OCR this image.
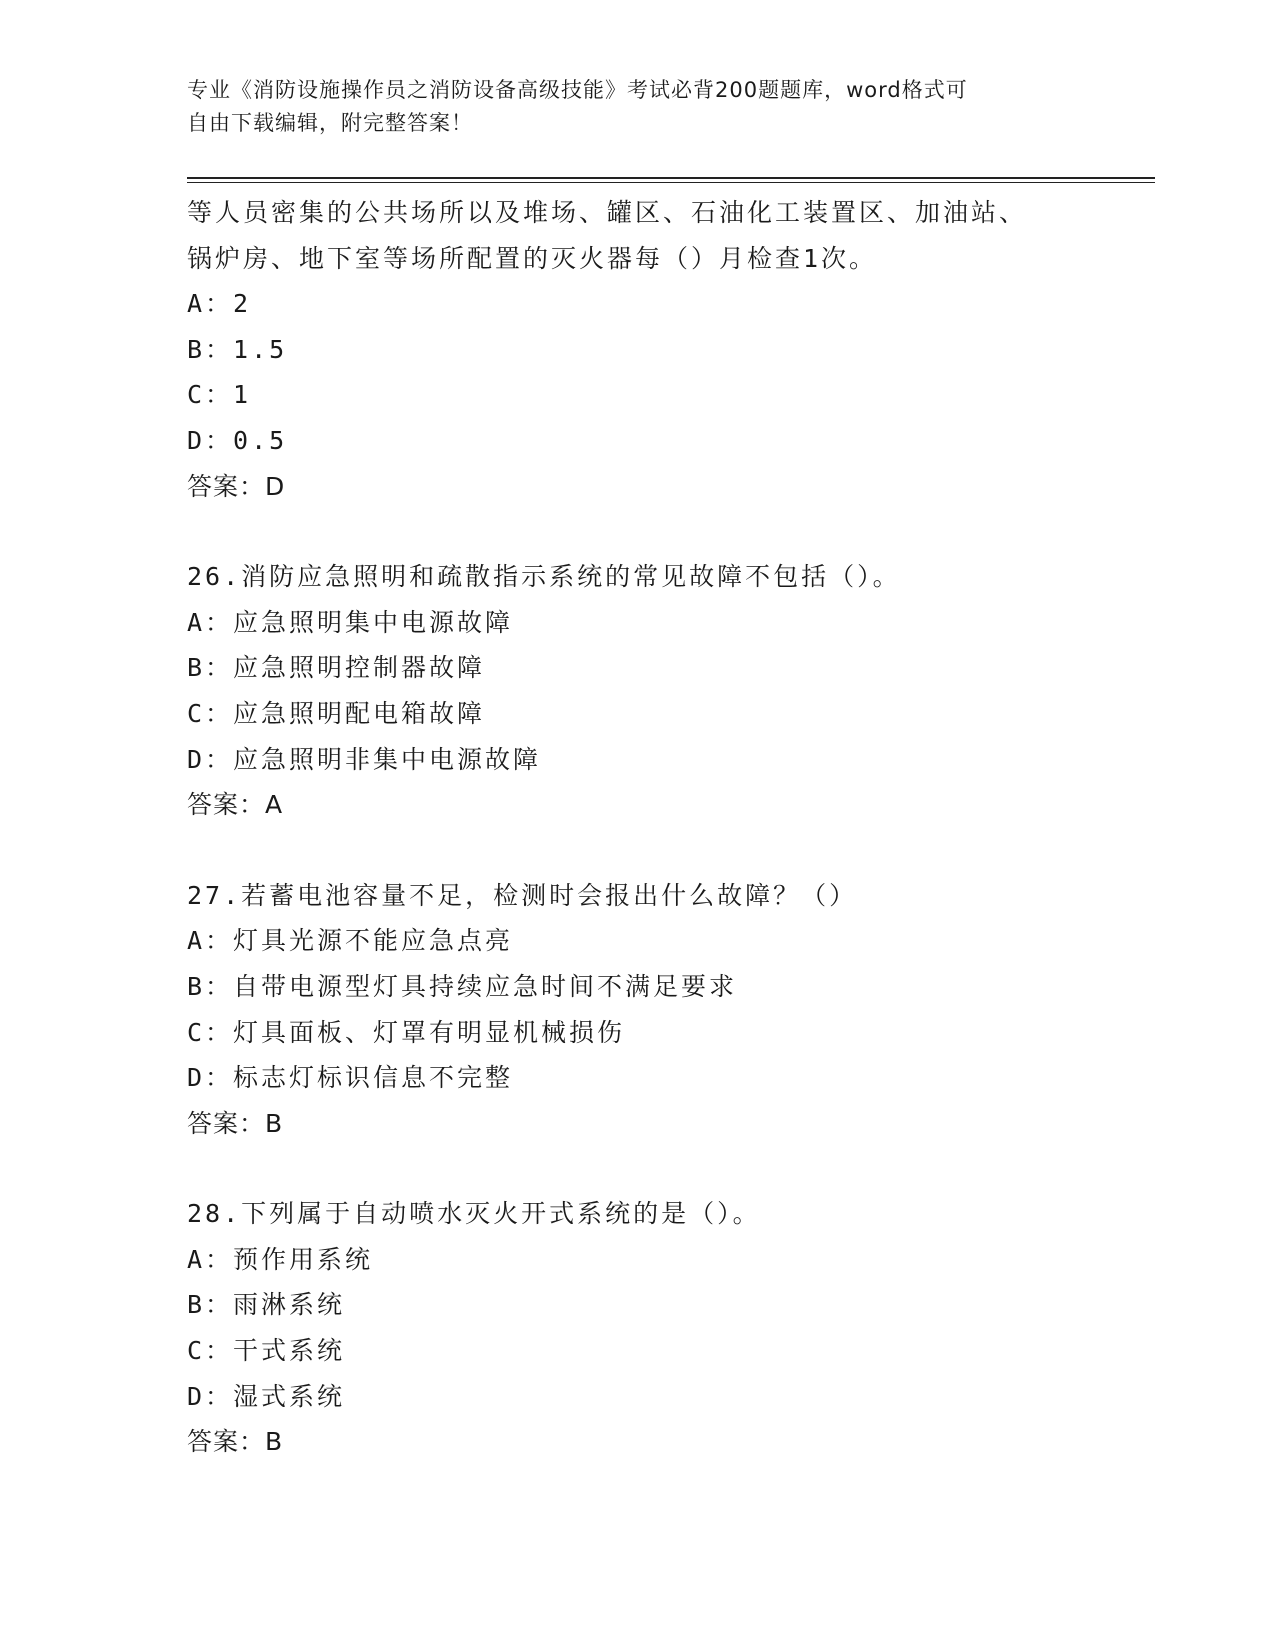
专业《消防设施操作员之消防设备高级技能》考试必背200题题库，word格式可
自由下载编辑，附完整答案！
等人员密集的公共场所以及堆场、罐区、石油化工装置区、加油站、
锅炉房、地下室等场所配置的灭火器每（）月检查1次。
A：2
B：1.5
C：1
D：0.5
答案：D
26.消防应急照明和疏散指示系统的常见故障不包括（）。
A：应急照明集中电源故障
B：应急照明控制器故障
C：应急照明配电箱故障
D：应急照明非集中电源故障
答案：A
27.若蓄电池容量不足，检测时会报出什么故障？（）
A：灯具光源不能应急点亮
B：自带电源型灯具持续应急时间不满足要求
C：灯具面板、灯罩有明显机械损伤
D：标志灯标识信息不完整
答案：B
28.下列属于自动喷水灭火开式系统的是（）。
A：预作用系统
B：雨淋系统
C：干式系统
D：湿式系统
答案：B
